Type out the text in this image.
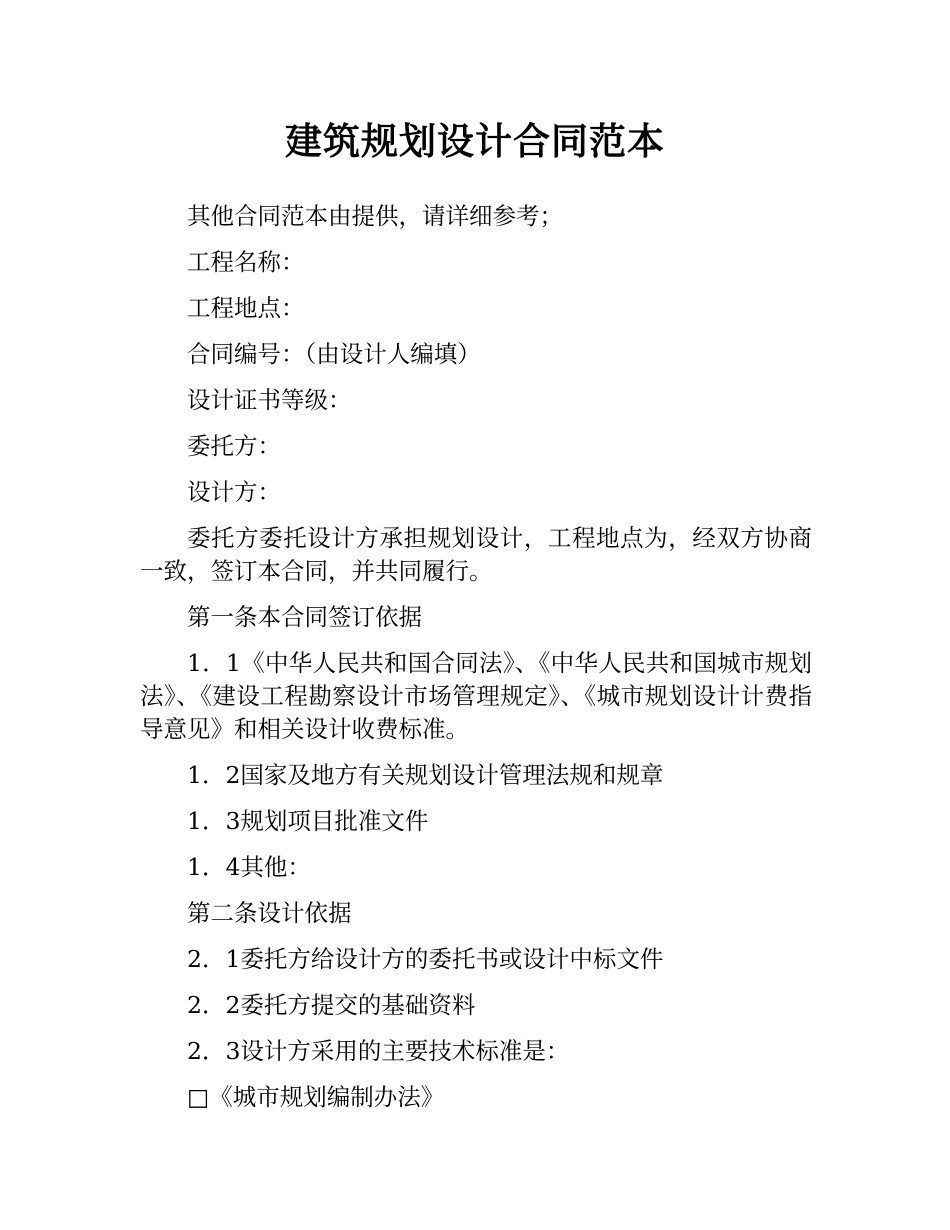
建筑规划设计合同范本

其他合同范本由提供，请详细参考；

工程名称：

工程地点：

合同编号：（由设计人编填）

设计证书等级：

委托方：

设计方：

委托方委托设计方承担规划设计，工程地点为，经双方协商一致，签订本合同，并共同履行。

第一条本合同签订依据

1．1《中华人民共和国合同法》、《中华人民共和国城市规划法》、《建设工程勘察设计市场管理规定》、《城市规划设计计费指导意见》和相关设计收费标准。

1．2国家及地方有关规划设计管理法规和规章

1．3规划项目批准文件

1．4其他：

第二条设计依据

2．1委托方给设计方的委托书或设计中标文件

2．2委托方提交的基础资料

2．3设计方采用的主要技术标准是：

□《城市规划编制办法》
